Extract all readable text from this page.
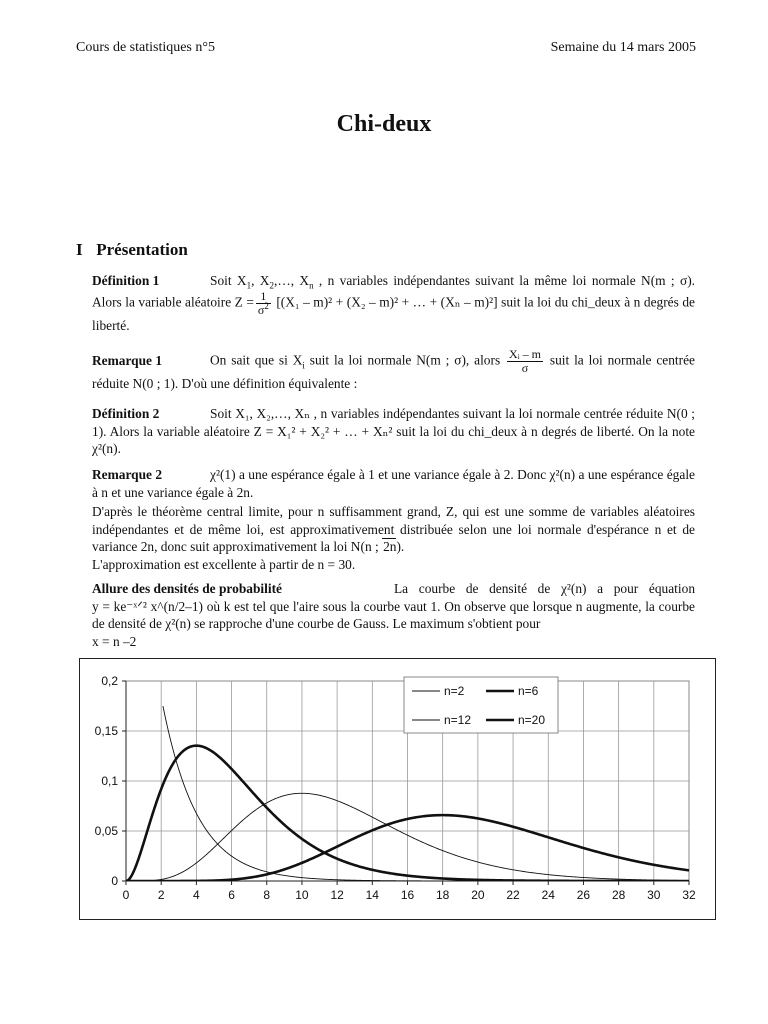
Cours de statistiques n°5	Semaine du 14 mars 2005
Chi-deux
I Présentation
Définition 1	Soit $X_1$, $X_2,\dots$, $X_n$ , n variables indépendantes suivant la même loi normale N(m ; σ). Alors la variable aléatoire $Z = \frac{1}{\sigma^2} [(X_1 - m)^2 + (X_2 - m)^2$ + … + (Xₙ – m)²] suit la loi du chi_deux à n degrés de liberté.
Remarque 1	On sait que si $X_i$ suit la loi normale N(m ; σ), alors $\frac{\text{Xᵢ – m}}{\sigma}$ suit la loi normale centrée réduite N(0 ; 1). D'où une définition équivalente :
Définition 2	Soit X₁, X₂,…, Xₙ , n variables indépendantes suivant la loi normale centrée réduite N(0 ; 1). Alors la variable aléatoire Z = X₁² + X₂² + … + Xₙ² suit la loi du chi_deux à n degrés de liberté. On la note χ²(n).
Remarque 2	χ²(1) a une espérance égale à 1 et une variance égale à 2. Donc χ²(n) a une espérance égale à n et une variance égale à 2n.
D'après le théorème central limite, pour n suffisamment grand, Z, qui est une somme de variables aléatoires indépendantes et de même loi, est approximativement distribuée selon une loi normale d'espérance n et de variance 2n, donc suit approximativement la loi N(n ; 2n).
L'approximation est excellente à partir de n = 30.
Allure des densités de probabilité	La courbe de densité de χ²(n) a pour équation y = ke⁻ˣᐟ² x^(n/2–1) où k est tel que l'aire sous la courbe vaut 1. On observe que lorsque n augmente, la courbe de densité de χ²(n) se rapproche d'une courbe de Gauss. Le maximum s'obtient pour
x = n –2
0 2 4 6 8 10 12 14 16 18 20 22 24 26 28 30 32
0
0,05
0,1
0,15
0,2
n=2	n=6
n=12	n=20
